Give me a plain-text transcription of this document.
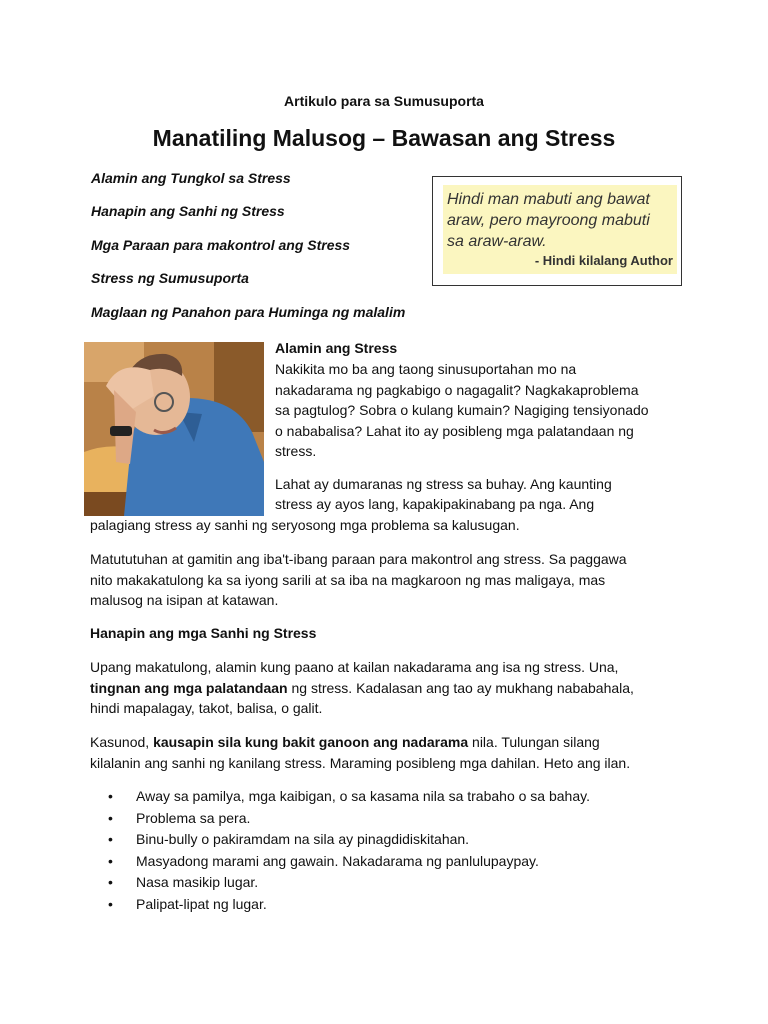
Artikulo para sa Sumusuporta
Manatiling Malusog – Bawasan ang Stress
Alamin ang Tungkol sa Stress
Hanapin ang Sanhi ng Stress
Mga Paraan para makontrol ang Stress
Stress ng Sumusuporta
Maglaan ng Panahon para Huminga ng malalim
Hindi man mabuti ang bawat
araw, pero mayroong mabuti
sa araw-araw.
- Hindi kilalang Author
Alamin ang Stress
Nakikita mo ba ang taong sinusuportahan mo na
nakadarama ng pagkabigo o nagagalit? Nagkakaproblema
sa pagtulog? Sobra o kulang kumain? Nagiging tensiyonado
o nababalisa? Lahat ito ay posibleng mga palatandaan ng
stress.
Lahat ay dumaranas ng stress sa buhay. Ang kaunting
stress ay ayos lang, kapakipakinabang pa nga. Ang
palagiang stress ay sanhi ng seryosong mga problema sa kalusugan.
Matututuhan at gamitin ang iba't-ibang paraan para makontrol ang stress. Sa paggawa
nito makakatulong ka sa iyong sarili at sa iba na magkaroon ng mas maligaya, mas
malusog na isipan at katawan.
Hanapin ang mga Sanhi ng Stress
Upang makatulong, alamin kung paano at kailan nakadarama ang isa ng stress. Una,
tingnan ang mga palatandaan ng stress. Kadalasan ang tao ay mukhang nababahala,
hindi mapalagay, takot, balisa, o galit.
Kasunod, kausapin sila kung bakit ganoon ang nadarama nila. Tulungan silang
kilalanin ang sanhi ng kanilang stress. Maraming posibleng mga dahilan. Heto ang ilan.
• Away sa pamilya, mga kaibigan, o sa kasama nila sa trabaho o sa bahay.
• Problema sa pera.
• Binu-bully o pakiramdam na sila ay pinagdidiskitahan.
• Masyadong marami ang gawain. Nakadarama ng panlulupaypay.
• Nasa masikip lugar.
• Palipat-lipat ng lugar.
